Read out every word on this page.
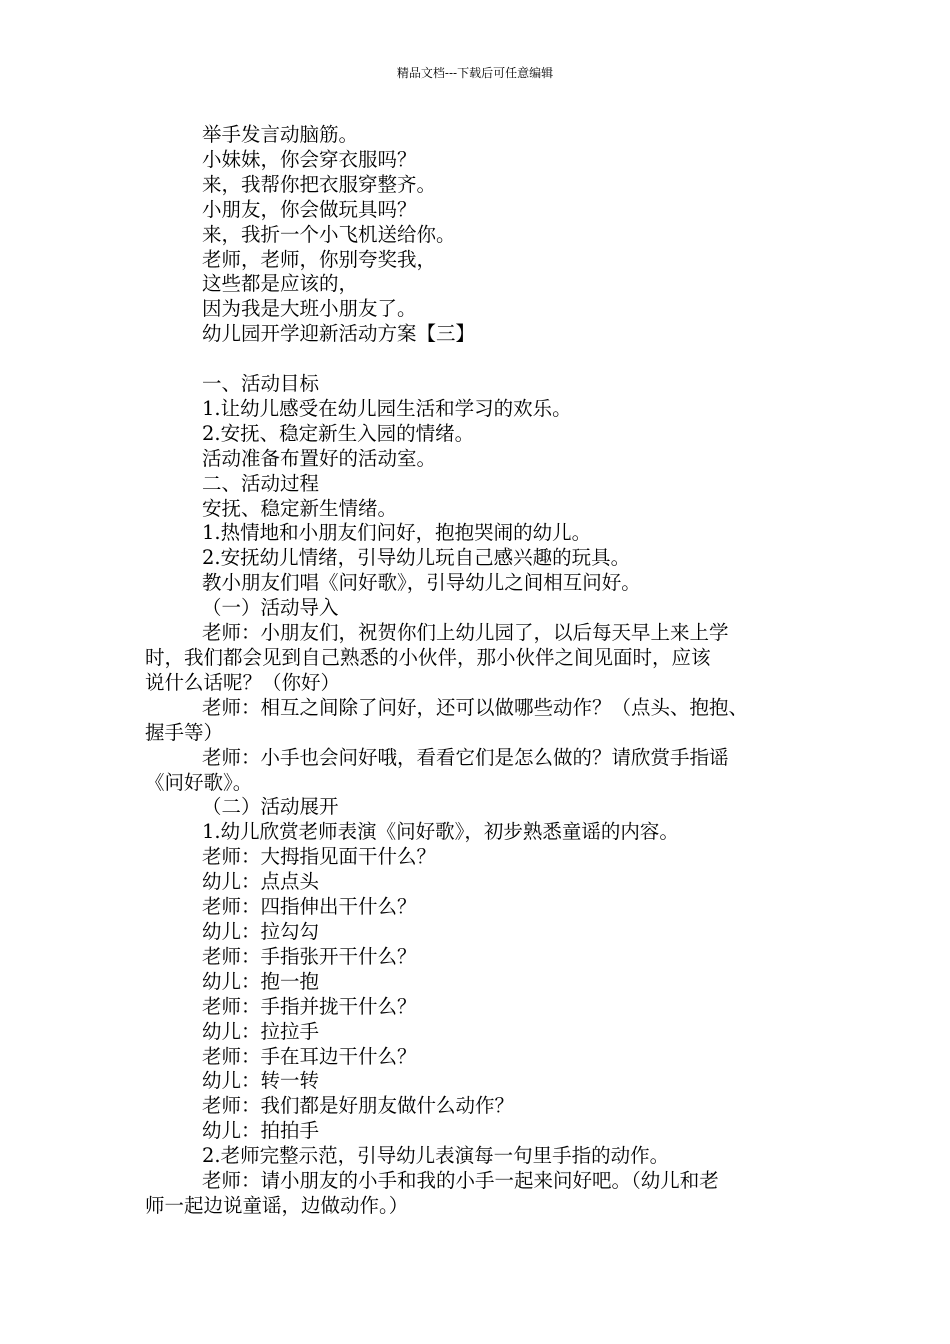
精品文档---下载后可任意编辑
举手发言动脑筋。
小妹妹，你会穿衣服吗？
来，我帮你把衣服穿整齐。
小朋友，你会做玩具吗？
来，我折一个小飞机送给你。
老师，老师，你别夸奖我，
这些都是应该的，
因为我是大班小朋友了。
幼儿园开学迎新活动方案【三】
一、活动目标
1.让幼儿感受在幼儿园生活和学习的欢乐。
2.安抚、稳定新生入园的情绪。
活动准备布置好的活动室。
二、活动过程
安抚、稳定新生情绪。
1.热情地和小朋友们问好，抱抱哭闹的幼儿。
2.安抚幼儿情绪，引导幼儿玩自己感兴趣的玩具。
教小朋友们唱《问好歌》，引导幼儿之间相互问好。
（一）活动导入
老师：小朋友们，祝贺你们上幼儿园了，以后每天早上来上学
时，我们都会见到自己熟悉的小伙伴，那小伙伴之间见面时，应该
说什么话呢？（你好）
老师：相互之间除了问好，还可以做哪些动作？（点头、抱抱、
握手等）
老师：小手也会问好哦，看看它们是怎么做的？请欣赏手指谣
《问好歌》。
（二）活动展开
1.幼儿欣赏老师表演《问好歌》，初步熟悉童谣的内容。
老师：大拇指见面干什么？
幼儿：点点头
老师：四指伸出干什么？
幼儿：拉勾勾
老师：手指张开干什么？
幼儿：抱一抱
老师：手指并拢干什么？
幼儿：拉拉手
老师：手在耳边干什么？
幼儿：转一转
老师：我们都是好朋友做什么动作？
幼儿：拍拍手
2.老师完整示范，引导幼儿表演每一句里手指的动作。
老师：请小朋友的小手和我的小手一起来问好吧。（幼儿和老
师一起边说童谣，边做动作。）
